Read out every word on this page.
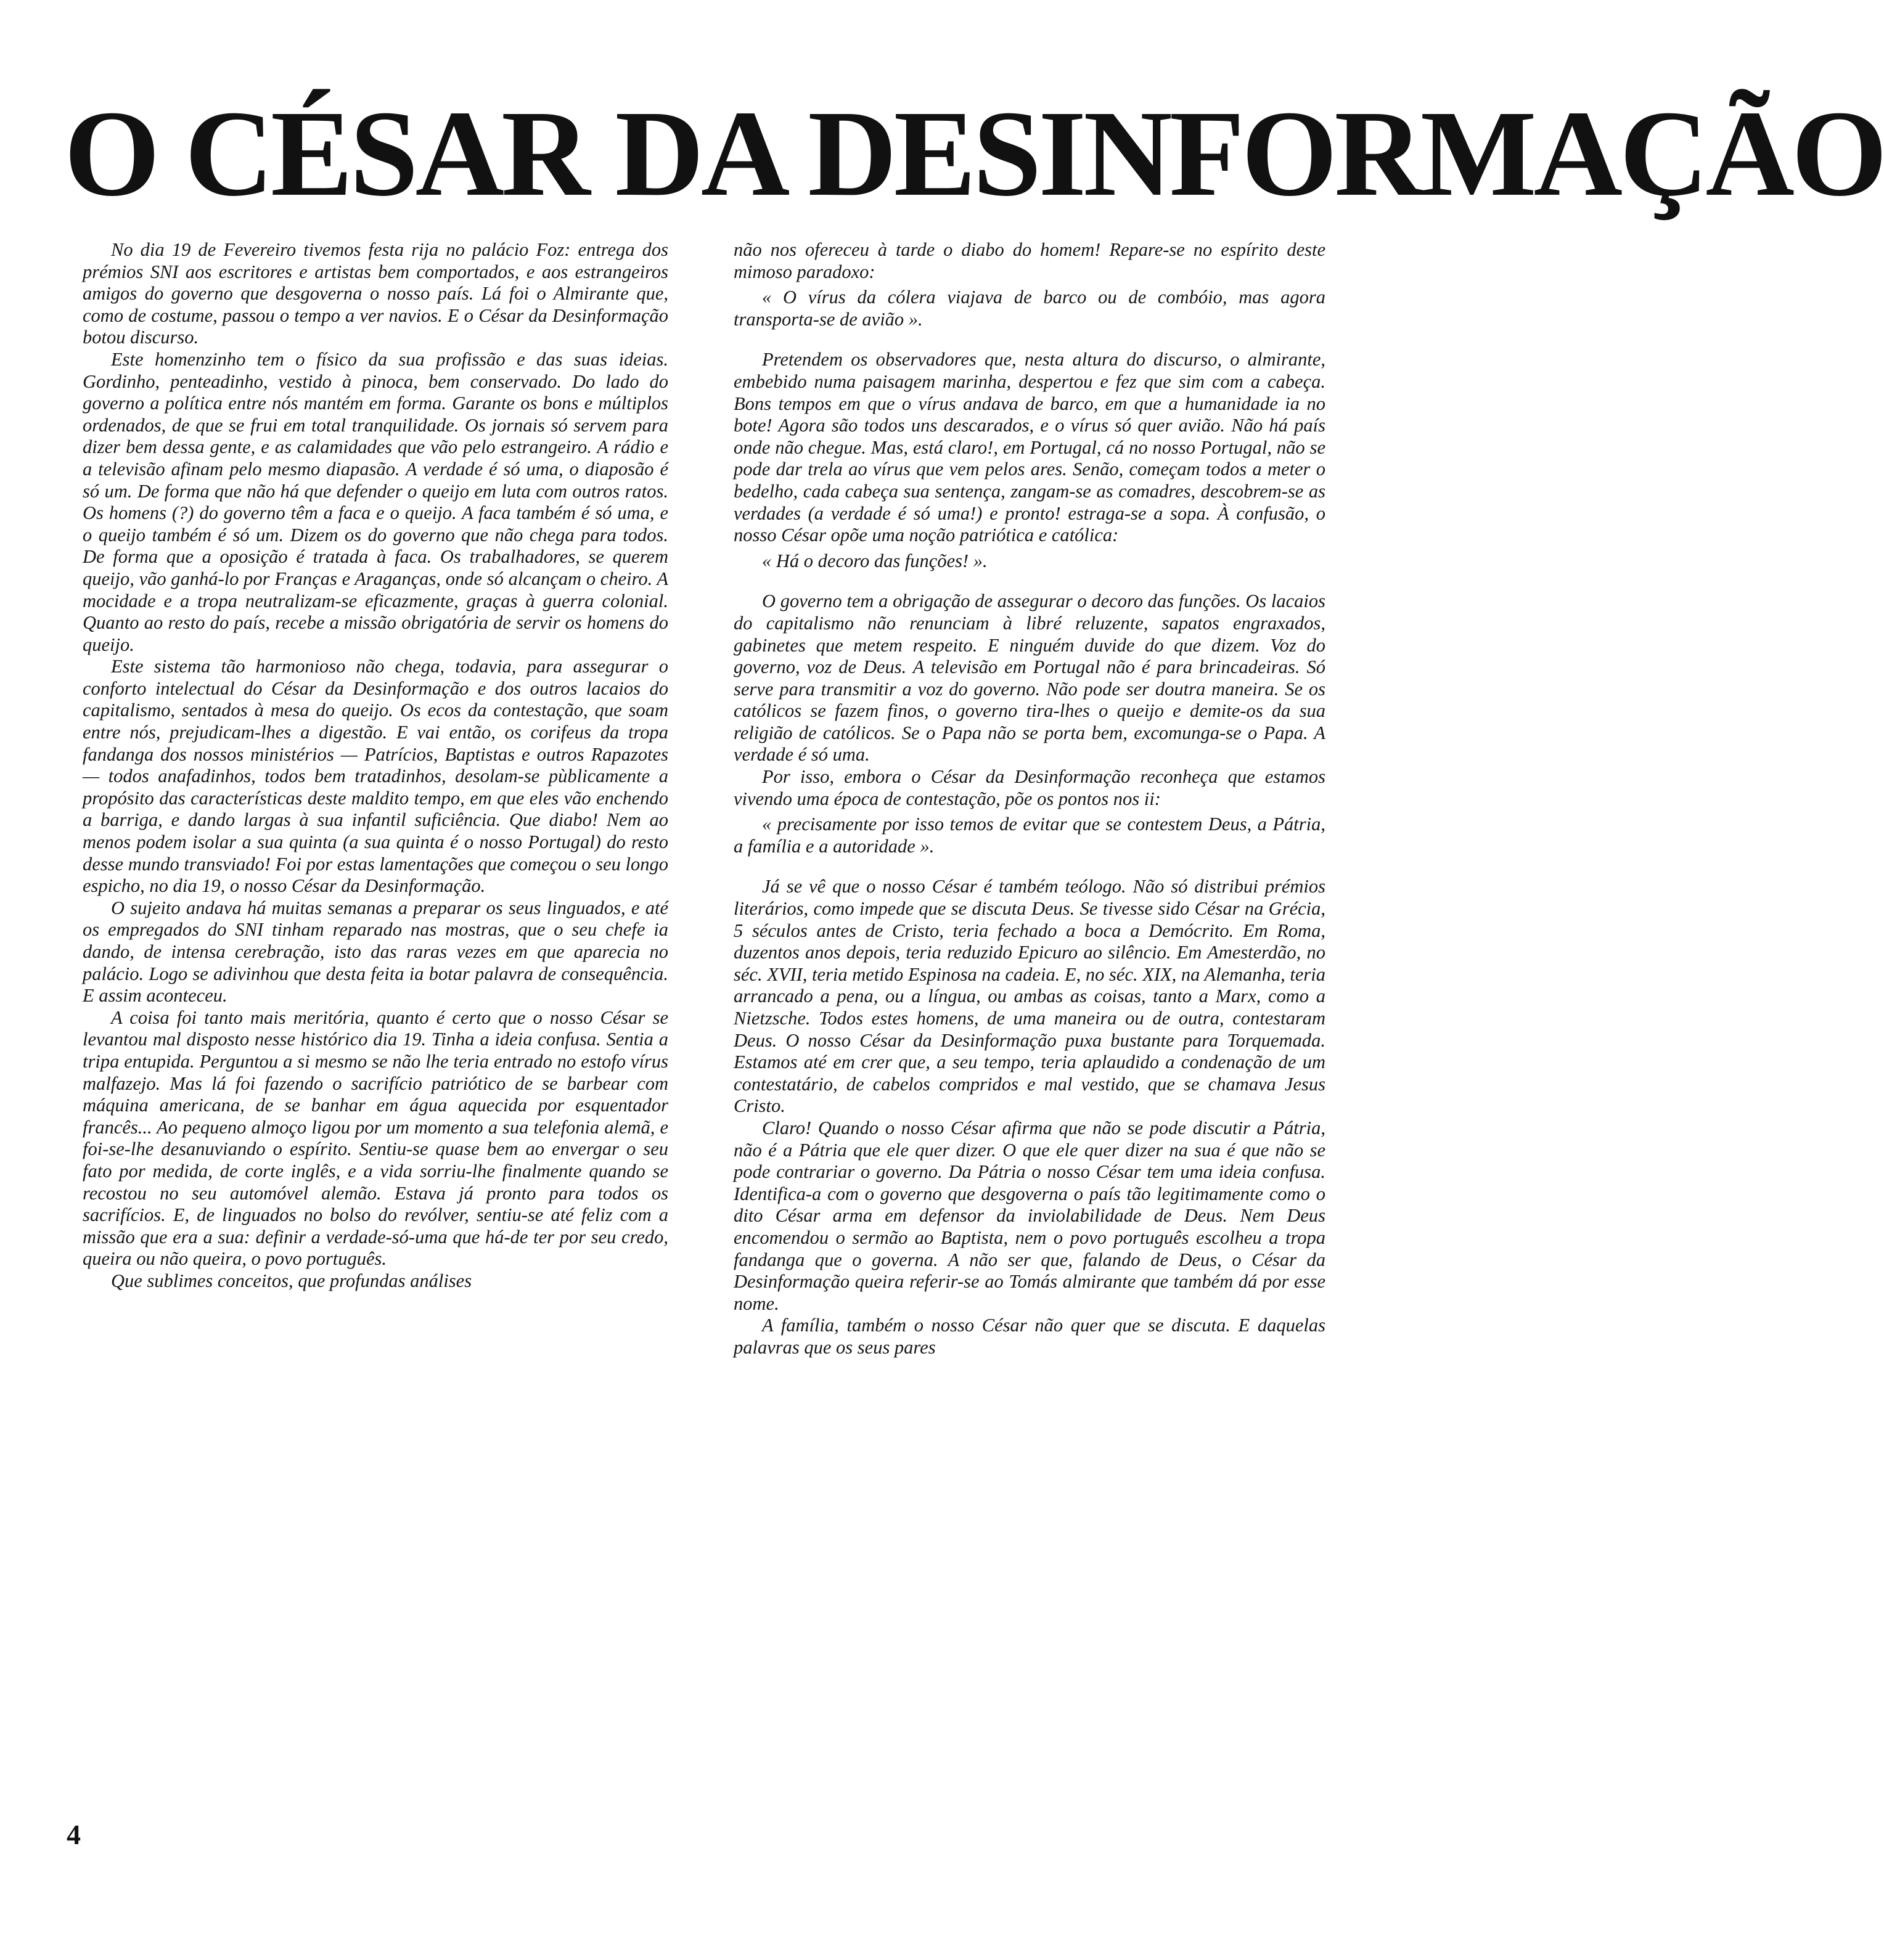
O CÉSAR DA DESINFORMAÇÃO

No dia 19 de Fevereiro tivemos festa rija no palácio Foz: entrega dos prémios SNI aos escritores e artistas bem comportados, e aos estrangeiros amigos do governo que desgoverna o nosso país. Lá foi o Almirante que, como de costume, passou o tempo a ver navios. E o César da Desinformação botou discurso.

Este homenzinho tem o físico da sua profissão e das suas ideias. Gordinho, penteadinho, vestido à pinoca, bem conservado. Do lado do governo a política entre nós mantém em forma. Garante os bons e múltiplos ordenados, de que se frui em total tranquilidade. Os jornais só servem para dizer bem dessa gente, e as calamidades que vão pelo estrangeiro. A rádio e a televisão afinam pelo mesmo diapasão. A verdade é só uma, o diaposão é só um. De forma que não há que defender o queijo em luta com outros ratos. Os homens (?) do governo têm a faca e o queijo. A faca também é só uma, e o queijo também é só um. Dizem os do governo que não chega para todos. De forma que a oposição é tratada à faca. Os trabalhadores, se querem queijo, vão ganhá-lo por Franças e Araganças, onde só alcançam o cheiro. A mocidade e a tropa neutralizam-se eficazmente, graças à guerra colonial. Quanto ao resto do país, recebe a missão obrigatória de servir os homens do queijo.

Este sistema tão harmonioso não chega, todavia, para assegurar o conforto intelectual do César da Desinformação e dos outros lacaios do capitalismo, sentados à mesa do queijo. Os ecos da contestação, que soam entre nós, prejudicam-lhes a digestão. E vai então, os corifeus da tropa fandanga dos nossos ministérios — Patrícios, Baptistas e outros Rapazotes — todos anafadinhos, todos bem tratadinhos, desolam-se pùblicamente a propósito das características deste maldito tempo, em que eles vão enchendo a barriga, e dando largas à sua infantil suficiência. Que diabo! Nem ao menos podem isolar a sua quinta (a sua quinta é o nosso Portugal) do resto desse mundo transviado! Foi por estas lamentações que começou o seu longo espicho, no dia 19, o nosso César da Desinformação.

O sujeito andava há muitas semanas a preparar os seus linguados, e até os empregados do SNI tinham reparado nas mostras, que o seu chefe ia dando, de intensa cerebração, isto das raras vezes em que aparecia no palácio. Logo se adivinhou que desta feita ia botar palavra de consequência. E assim aconteceu.

A coisa foi tanto mais meritória, quanto é certo que o nosso César se levantou mal disposto nesse histórico dia 19. Tinha a ideia confusa. Sentia a tripa entupida. Perguntou a si mesmo se não lhe teria entrado no estofo vírus malfazejo. Mas lá foi fazendo o sacrifício patriótico de se barbear com máquina americana, de se banhar em água aquecida por esquentador francês... Ao pequeno almoço ligou por um momento a sua telefonia alemã, e foi-se-lhe desanuviando o espírito. Sentiu-se quase bem ao envergar o seu fato por medida, de corte inglês, e a vida sorriu-lhe finalmente quando se recostou no seu automóvel alemão. Estava já pronto para todos os sacrifícios. E, de linguados no bolso do revólver, sentiu-se até feliz com a missão que era a sua: definir a verdade-só-uma que há-de ter por seu credo, queira ou não queira, o povo português.

Que sublimes conceitos, que profundas análises

não nos ofereceu à tarde o diabo do homem! Repare-se no espírito deste mimoso paradoxo:

« O vírus da cólera viajava de barco ou de combóio, mas agora transporta-se de avião ».

Pretendem os observadores que, nesta altura do discurso, o almirante, embebido numa paisagem marinha, despertou e fez que sim com a cabeça. Bons tempos em que o vírus andava de barco, em que a humanidade ia no bote! Agora são todos uns descarados, e o vírus só quer avião. Não há país onde não chegue. Mas, está claro!, em Portugal, cá no nosso Portugal, não se pode dar trela ao vírus que vem pelos ares. Senão, começam todos a meter o bedelho, cada cabeça sua sentença, zangam-se as comadres, descobrem-se as verdades (a verdade é só uma!) e pronto! estraga-se a sopa. À confusão, o nosso César opõe uma noção patriótica e católica:

« Há o decoro das funções! ».

O governo tem a obrigação de assegurar o decoro das funções. Os lacaios do capitalismo não renunciam à libré reluzente, sapatos engraxados, gabinetes que metem respeito. E ninguém duvide do que dizem. Voz do governo, voz de Deus. A televisão em Portugal não é para brincadeiras. Só serve para transmitir a voz do governo. Não pode ser doutra maneira. Se os católicos se fazem finos, o governo tira-lhes o queijo e demite-os da sua religião de católicos. Se o Papa não se porta bem, excomunga-se o Papa. A verdade é só uma.

Por isso, embora o César da Desinformação reconheça que estamos vivendo uma época de contestação, põe os pontos nos ii:

« precisamente por isso temos de evitar que se contestem Deus, a Pátria, a família e a autoridade ».

Já se vê que o nosso César é também teólogo. Não só distribui prémios literários, como impede que se discuta Deus. Se tivesse sido César na Grécia, 5 séculos antes de Cristo, teria fechado a boca a Demócrito. Em Roma, duzentos anos depois, teria reduzido Epicuro ao silêncio. Em Amesterdão, no séc. XVII, teria metido Espinosa na cadeia. E, no séc. XIX, na Alemanha, teria arrancado a pena, ou a língua, ou ambas as coisas, tanto a Marx, como a Nietzsche. Todos estes homens, de uma maneira ou de outra, contestaram Deus. O nosso César da Desinformação puxa bustante para Torquemada. Estamos até em crer que, a seu tempo, teria aplaudido a condenação de um contestatário, de cabelos compridos e mal vestido, que se chamava Jesus Cristo.

Claro! Quando o nosso César afirma que não se pode discutir a Pátria, não é a Pátria que ele quer dizer. O que ele quer dizer na sua é que não se pode contrariar o governo. Da Pátria o nosso César tem uma ideia confusa. Identifica-a com o governo que desgoverna o país tão legitimamente como o dito César arma em defensor da inviolabilidade de Deus. Nem Deus encomendou o sermão ao Baptista, nem o povo português escolheu a tropa fandanga que o governa. A não ser que, falando de Deus, o César da Desinformação queira referir-se ao Tomás almirante que também dá por esse nome.

A família, também o nosso César não quer que se discuta. E daquelas palavras que os seus pares

4
